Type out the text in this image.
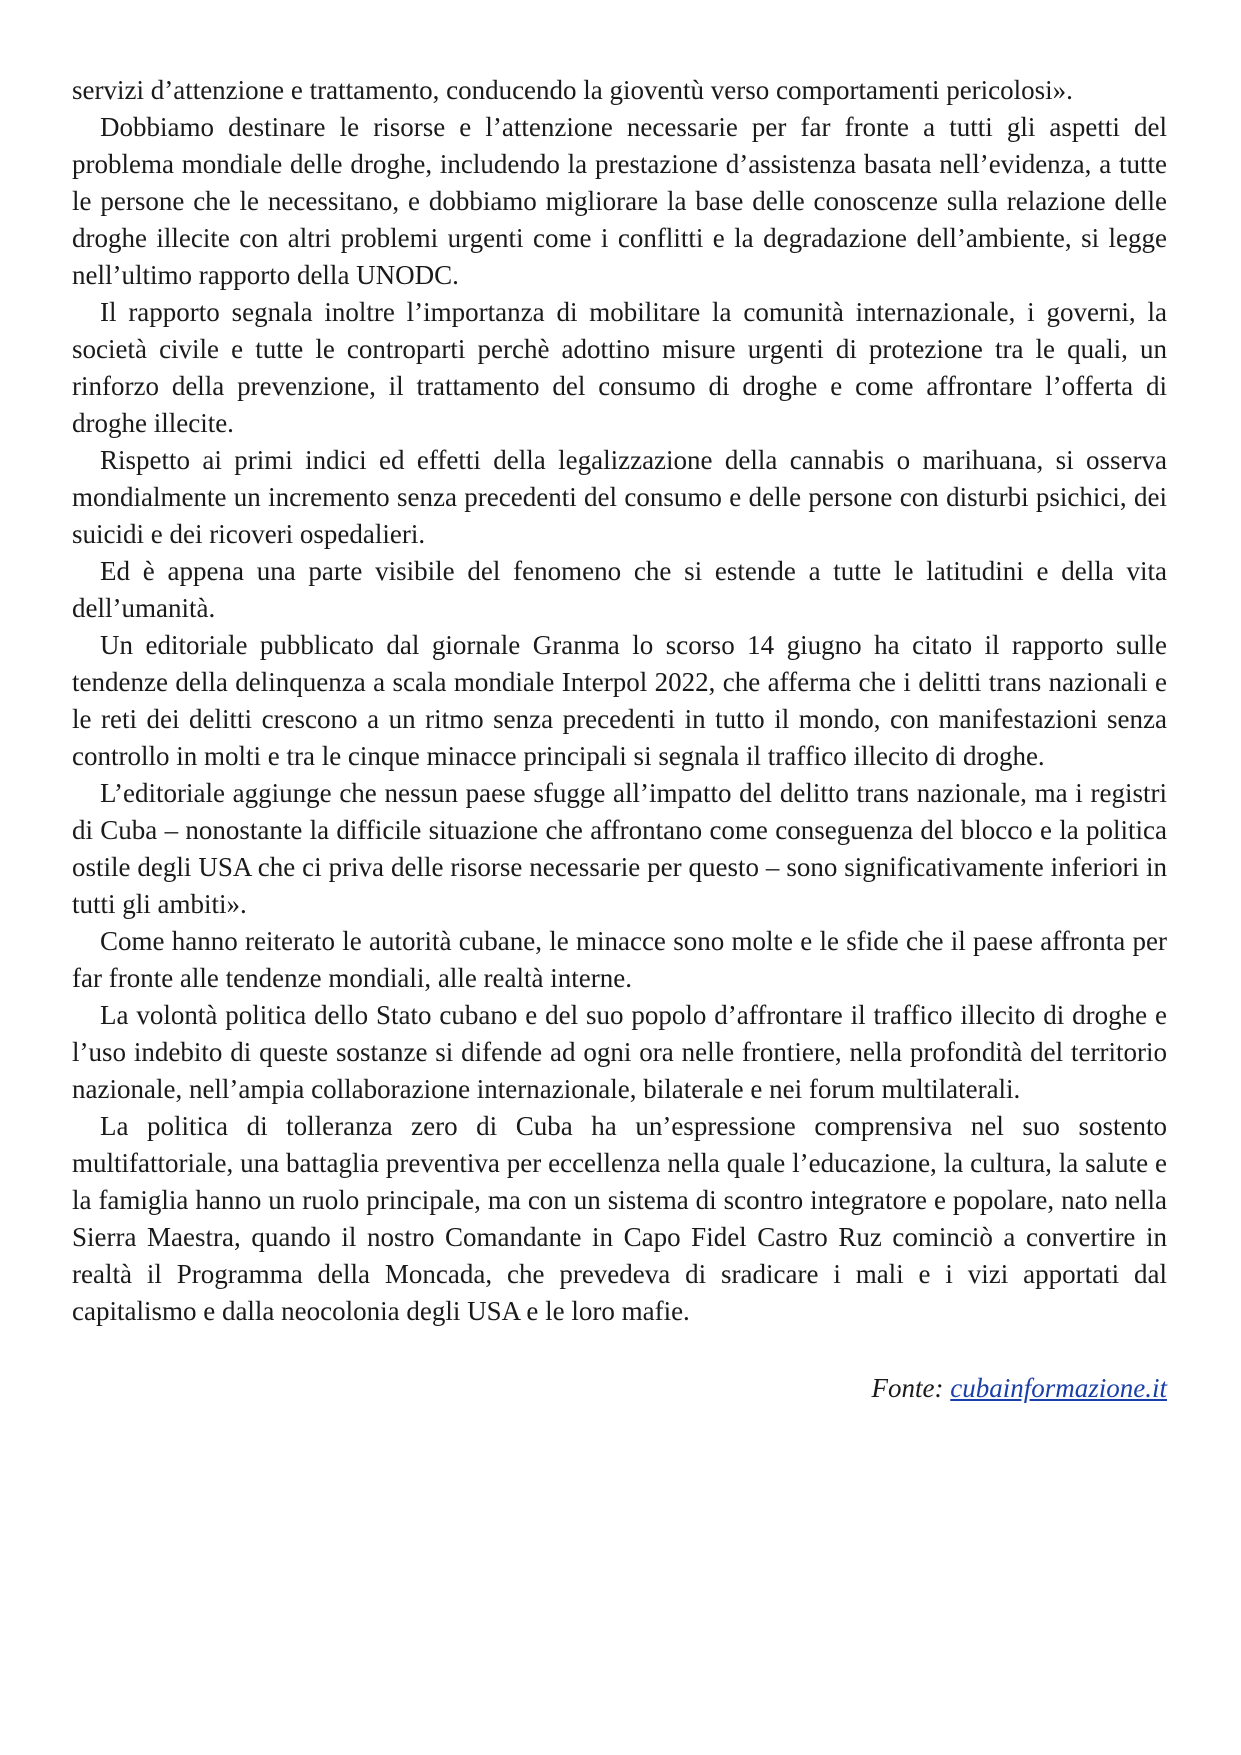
servizi d’attenzione e trattamento, conducendo la gioventù verso comportamenti pericolosi».

Dobbiamo destinare le risorse e l’attenzione necessarie per far fronte a tutti gli aspetti del problema mondiale delle droghe, includendo la prestazione d’assistenza basata nell’evidenza, a tutte le persone che le necessitano, e dobbiamo migliorare la base delle conoscenze sulla relazione delle droghe illecite con altri problemi urgenti come i conflitti e la degradazione dell’ambiente, si legge nell’ultimo rapporto della UNODC.

Il rapporto segnala inoltre l’importanza di mobilitare la comunità internazionale, i governi, la società civile e tutte le controparti perchè adottino misure urgenti di protezione tra le quali, un rinforzo della prevenzione, il trattamento del consumo di droghe e come affrontare l’offerta di droghe illecite.

Rispetto ai primi indici ed effetti della legalizzazione della cannabis o marihuana, si osserva mondialmente un incremento senza precedenti del consumo e delle persone con disturbi psichici, dei suicidi e dei ricoveri ospedalieri.

Ed è appena una parte visibile del fenomeno che si estende a tutte le latitudini e della vita dell’umanità.

Un editoriale pubblicato dal giornale Granma lo scorso 14 giugno ha citato il rapporto sulle tendenze della delinquenza a scala mondiale Interpol 2022, che afferma che i delitti trans nazionali e le reti dei delitti crescono a un ritmo senza precedenti in tutto il mondo, con manifestazioni senza controllo in molti e tra le cinque minacce principali si segnala il traffico illecito di droghe.

L’editoriale aggiunge che nessun paese sfugge all’impatto del delitto trans nazionale, ma i registri di Cuba – nonostante la difficile situazione che affrontano come conseguenza del blocco e la politica ostile degli USA che ci priva delle risorse necessarie per questo – sono significativamente inferiori in tutti gli ambiti».

Come hanno reiterato le autorità cubane, le minacce sono molte e le sfide che il paese affronta per far fronte alle tendenze mondiali, alle realtà interne.

La volontà politica dello Stato cubano e del suo popolo d’affrontare il traffico illecito di droghe e l’uso indebito di queste sostanze si difende ad ogni ora nelle frontiere, nella profondità del territorio nazionale, nell’ampia collaborazione internazionale, bilaterale e nei forum multilaterali.

La politica di tolleranza zero di Cuba ha un’espressione comprensiva nel suo sostento multifattoriale, una battaglia preventiva per eccellenza nella quale l’educazione, la cultura, la salute e la famiglia hanno un ruolo principale, ma con un sistema di scontro integratore e popolare, nato nella Sierra Maestra, quando il nostro Comandante in Capo Fidel Castro Ruz cominciò a convertire in realtà il Programma della Moncada, che prevedeva di sradicare i mali e i vizi apportati dal capitalismo e dalla neocolonia degli USA e le loro mafie.

Fonte: cubainformazione.it
